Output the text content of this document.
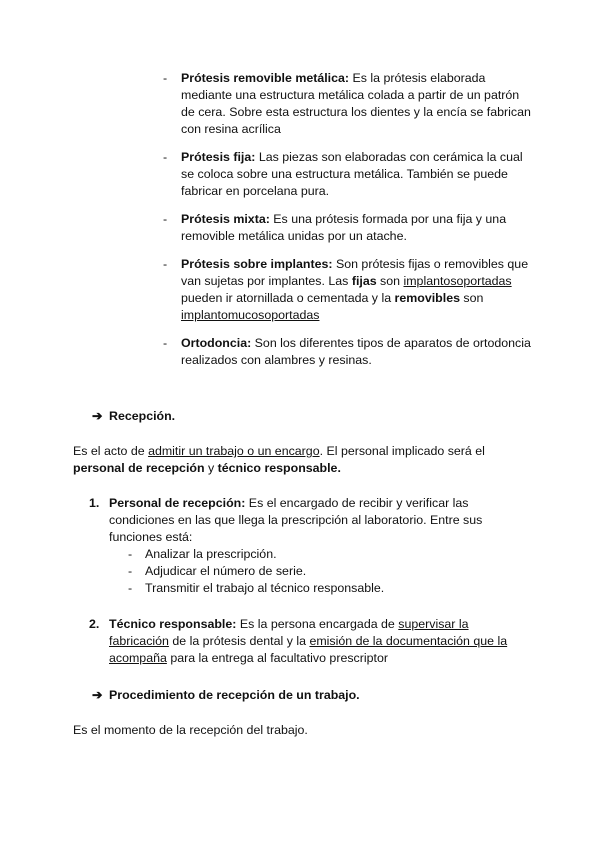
- Prótesis removible metálica: Es la prótesis elaborada mediante una estructura metálica colada a partir de un patrón de cera. Sobre esta estructura los dientes y la encía se fabrican con resina acrílica
- Prótesis fija: Las piezas son elaboradas con cerámica la cual se coloca sobre una estructura metálica. También se puede fabricar en porcelana pura.
- Prótesis mixta: Es una prótesis formada por una fija y una removible metálica unidas por un atache.
- Prótesis sobre implantes: Son prótesis fijas o removibles que van sujetas por implantes. Las fijas son implantosoportadas pueden ir atornillada o cementada y la removibles son implantomucosoportadas
- Ortodoncia: Son los diferentes tipos de aparatos de ortodoncia realizados con alambres y resinas.
➔ Recepción.
Es el acto de admitir un trabajo o un encargo. El personal implicado será el personal de recepción y técnico responsable.
1. Personal de recepción: Es el encargado de recibir y verificar las condiciones en las que llega la prescripción al laboratorio. Entre sus funciones está:
- Analizar la prescripción.
- Adjudicar el número de serie.
- Transmitir el trabajo al técnico responsable.
2. Técnico responsable: Es la persona encargada de supervisar la fabricación de la prótesis dental y la emisión de la documentación que la acompaña para la entrega al facultativo prescriptor
➔ Procedimiento de recepción de un trabajo.
Es el momento de la recepción del trabajo.
